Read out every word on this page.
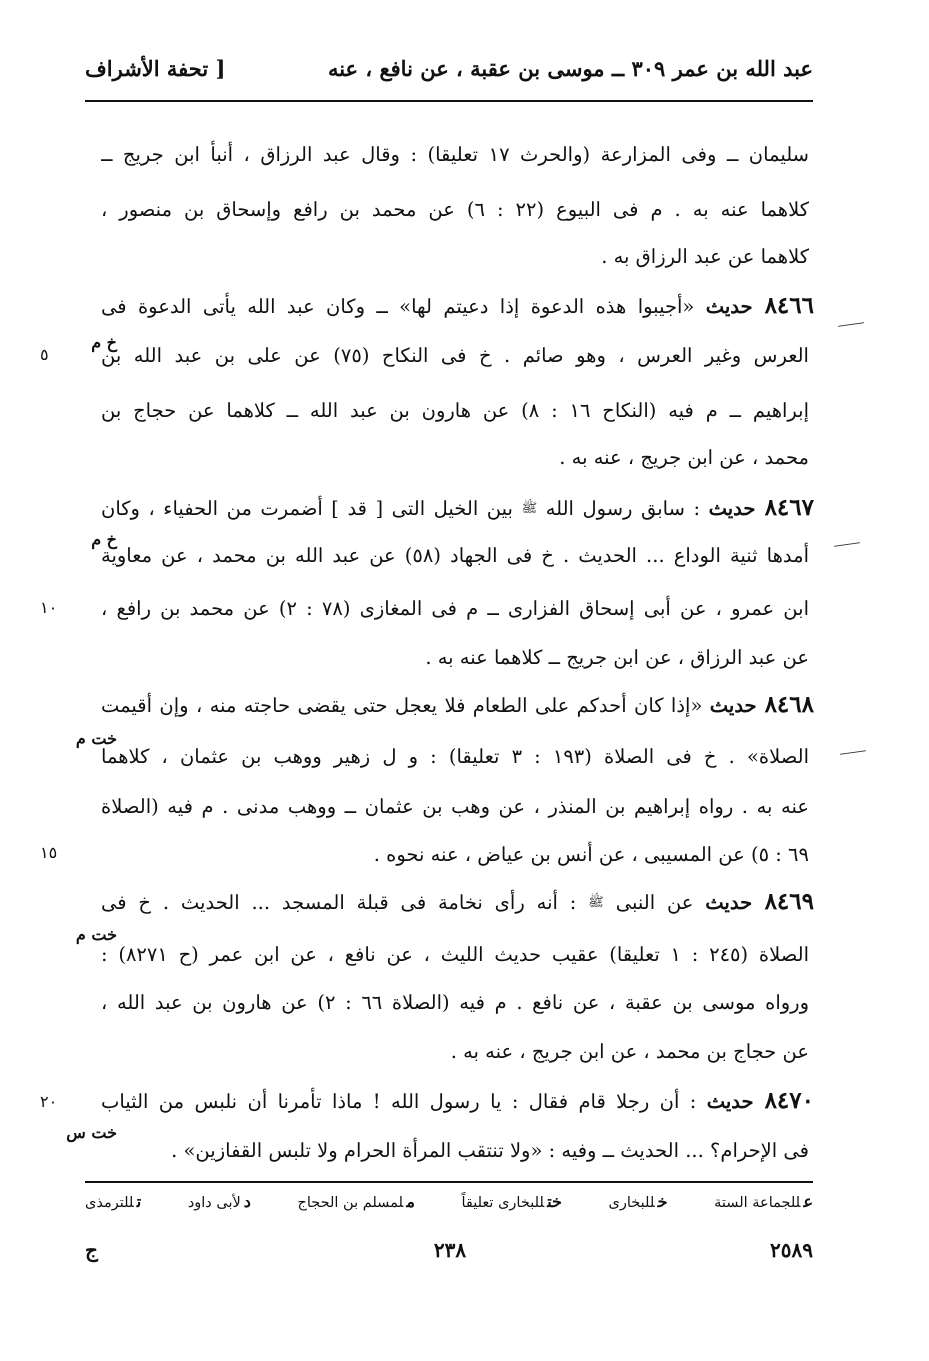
عبد الله بن عمر ٣٠٩ ــ موسى بن عقبة ، عن نافع ، عنه
[ تحفة الأشراف
سليمان ــ وفى المزارعة (والحرث ١٧ تعليقا) : وقال عبد الرزاق ، أنبأ ابن جريج ــ
كلاهما عنه به . م فى البيوع (٢٢ : ٦) عن محمد بن رافع وإسحاق بن منصور ،
كلاهما عن عبد الرزاق به .
٨٤٦٦ حديث «أجيبوا هذه الدعوة إذا دعيتم لها» ــ وكان عبد الله يأتى الدعوة فى
العرس وغير العرس ، وهو صائم . خ فى النكاح (٧٥) عن على بن عبد الله بن
إبراهيم ــ م فيه (النكاح ١٦ : ٨) عن هارون بن عبد الله ــ كلاهما عن حجاج بن
محمد ، عن ابن جريج ، عنه به .
٨٤٦٧ حديث : سابق رسول الله ﷺ بين الخيل التى [ قد ] أضمرت من الحفياء ، وكان
أمدها ثنية الوداع ... الحديث . خ فى الجهاد (٥٨) عن عبد الله بن محمد ، عن معاوية
ابن عمرو ، عن أبى إسحاق الفزارى ــ م فى المغازى (٧٨ : ٢) عن محمد بن رافع ،
عن عبد الرزاق ، عن ابن جريج ــ كلاهما عنه به .
٨٤٦٨ حديث «إذا كان أحدكم على الطعام فلا يعجل حتى يقضى حاجته منه ، وإن أقيمت
الصلاة» . خ فى الصلاة (١٩٣ : ٣ تعليقا) : و ل زهير ووهب بن عثمان ، كلاهما
عنه به . رواه إبراهيم بن المنذر ، عن وهب بن عثمان ــ ووهب مدنى . م فيه (الصلاة
٦٩ : ٥) عن المسيبى ، عن أنس بن عياض ، عنه نحوه .
٨٤٦٩ حديث عن النبى ﷺ : أنه رأى نخامة فى قبلة المسجد ... الحديث . خ فى
الصلاة (٢٤٥ : ١ تعليقا) عقيب حديث الليث ، عن نافع ، عن ابن عمر (ح ٨٢٧١) :
ورواه موسى بن عقبة ، عن نافع . م فيه (الصلاة ٦٦ : ٢) عن هارون بن عبد الله ،
عن حجاج بن محمد ، عن ابن جريج ، عنه به .
٨٤٧٠ حديث : أن رجلا قام فقال : يا رسول الله ! ماذا تأمرنا أن نلبس من الثياب
فى الإحرام؟ ... الحديث ــ وفيه : «ولا تنتقب المرأة الحرام ولا تلبس القفازين» .
خ م
خ م
خت م
خت م
خت س
٥
١٠
١٥
٢٠
عللجماعة الستة
خللبخارى
ختللبخارى تعليقاً
ملمسلم بن الحجاج
دلأبى داود
تللترمذى
٢٥٨٩
٢٣٨
ج
